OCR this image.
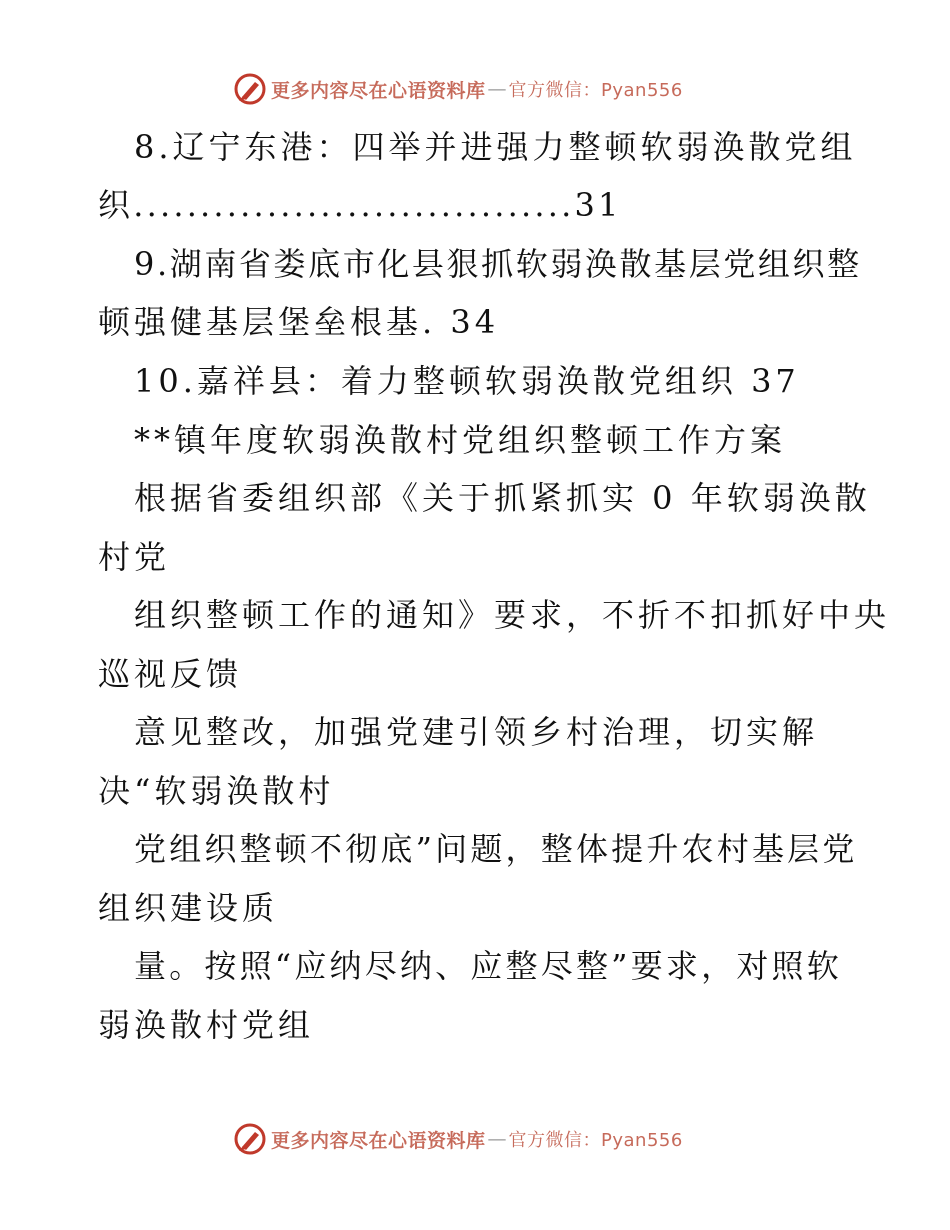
更多内容尽在心语资料库 — 官方微信：Pyan556
8.辽宁东港：四举并进强力整顿软弱涣散党组
织.................................31
9.湖南省娄底市化县狠抓软弱涣散基层党组织整
顿强健基层堡垒根基. 34
10.嘉祥县：着力整顿软弱涣散党组织 37
**镇年度软弱涣散村党组织整顿工作方案
根据省委组织部《关于抓紧抓实 0 年软弱涣散
村党
组织整顿工作的通知》要求，不折不扣抓好中央
巡视反馈
意见整改，加强党建引领乡村治理，切实解
决“软弱涣散村
党组织整顿不彻底”问题，整体提升农村基层党
组织建设质
量。按照“应纳尽纳、应整尽整”要求，对照软
弱涣散村党组
更多内容尽在心语资料库 — 官方微信：Pyan556
